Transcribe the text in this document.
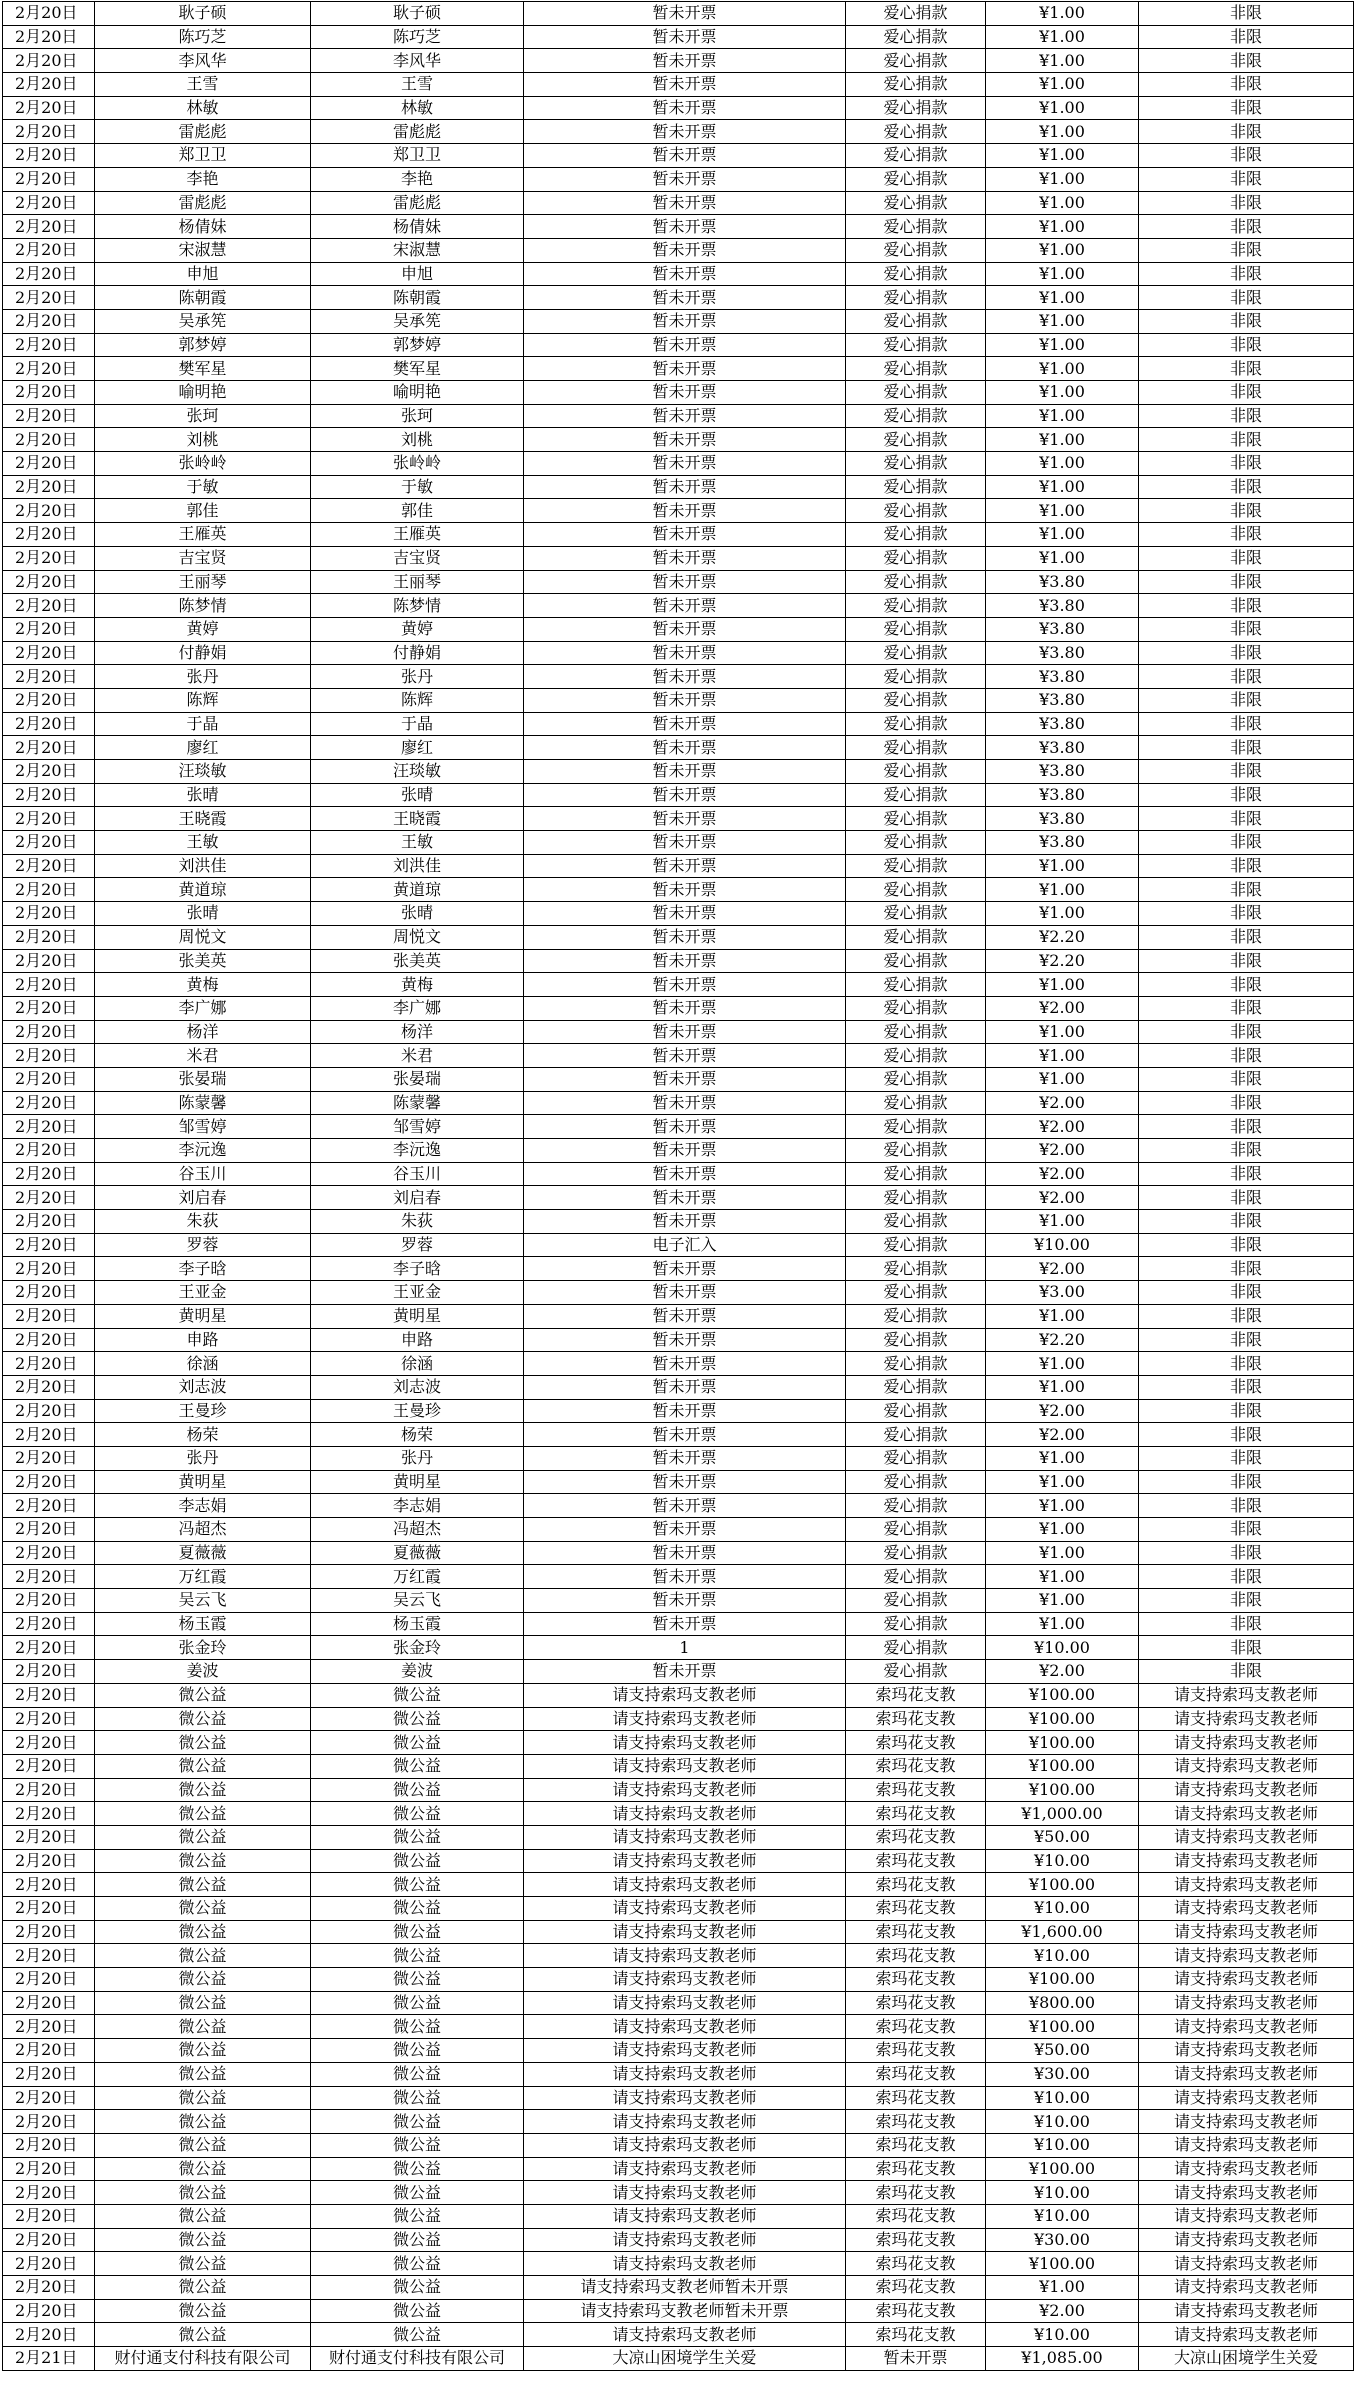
2月20日	耿子硕	耿子硕	暂未开票	爱心捐款	¥1.00	非限
2月20日	陈巧芝	陈巧芝	暂未开票	爱心捐款	¥1.00	非限
2月20日	李风华	李风华	暂未开票	爱心捐款	¥1.00	非限
2月20日	王雪	王雪	暂未开票	爱心捐款	¥1.00	非限
2月20日	林敏	林敏	暂未开票	爱心捐款	¥1.00	非限
2月20日	雷彪彪	雷彪彪	暂未开票	爱心捐款	¥1.00	非限
2月20日	郑卫卫	郑卫卫	暂未开票	爱心捐款	¥1.00	非限
2月20日	李艳	李艳	暂未开票	爱心捐款	¥1.00	非限
2月20日	雷彪彪	雷彪彪	暂未开票	爱心捐款	¥1.00	非限
2月20日	杨倩妹	杨倩妹	暂未开票	爱心捐款	¥1.00	非限
2月20日	宋淑慧	宋淑慧	暂未开票	爱心捐款	¥1.00	非限
2月20日	申旭	申旭	暂未开票	爱心捐款	¥1.00	非限
2月20日	陈朝霞	陈朝霞	暂未开票	爱心捐款	¥1.00	非限
2月20日	吴承筅	吴承筅	暂未开票	爱心捐款	¥1.00	非限
2月20日	郭梦婷	郭梦婷	暂未开票	爱心捐款	¥1.00	非限
2月20日	樊军星	樊军星	暂未开票	爱心捐款	¥1.00	非限
2月20日	喻明艳	喻明艳	暂未开票	爱心捐款	¥1.00	非限
2月20日	张珂	张珂	暂未开票	爱心捐款	¥1.00	非限
2月20日	刘桃	刘桃	暂未开票	爱心捐款	¥1.00	非限
2月20日	张岭岭	张岭岭	暂未开票	爱心捐款	¥1.00	非限
2月20日	于敏	于敏	暂未开票	爱心捐款	¥1.00	非限
2月20日	郭佳	郭佳	暂未开票	爱心捐款	¥1.00	非限
2月20日	王雁英	王雁英	暂未开票	爱心捐款	¥1.00	非限
2月20日	吉宝贤	吉宝贤	暂未开票	爱心捐款	¥1.00	非限
2月20日	王丽琴	王丽琴	暂未开票	爱心捐款	¥3.80	非限
2月20日	陈梦情	陈梦情	暂未开票	爱心捐款	¥3.80	非限
2月20日	黄婷	黄婷	暂未开票	爱心捐款	¥3.80	非限
2月20日	付静娟	付静娟	暂未开票	爱心捐款	¥3.80	非限
2月20日	张丹	张丹	暂未开票	爱心捐款	¥3.80	非限
2月20日	陈辉	陈辉	暂未开票	爱心捐款	¥3.80	非限
2月20日	于晶	于晶	暂未开票	爱心捐款	¥3.80	非限
2月20日	廖红	廖红	暂未开票	爱心捐款	¥3.80	非限
2月20日	汪琰敏	汪琰敏	暂未开票	爱心捐款	¥3.80	非限
2月20日	张晴	张晴	暂未开票	爱心捐款	¥3.80	非限
2月20日	王晓霞	王晓霞	暂未开票	爱心捐款	¥3.80	非限
2月20日	王敏	王敏	暂未开票	爱心捐款	¥3.80	非限
2月20日	刘洪佳	刘洪佳	暂未开票	爱心捐款	¥1.00	非限
2月20日	黄道琼	黄道琼	暂未开票	爱心捐款	¥1.00	非限
2月20日	张晴	张晴	暂未开票	爱心捐款	¥1.00	非限
2月20日	周悦文	周悦文	暂未开票	爱心捐款	¥2.20	非限
2月20日	张美英	张美英	暂未开票	爱心捐款	¥2.20	非限
2月20日	黄梅	黄梅	暂未开票	爱心捐款	¥1.00	非限
2月20日	李广娜	李广娜	暂未开票	爱心捐款	¥2.00	非限
2月20日	杨洋	杨洋	暂未开票	爱心捐款	¥1.00	非限
2月20日	米君	米君	暂未开票	爱心捐款	¥1.00	非限
2月20日	张晏瑞	张晏瑞	暂未开票	爱心捐款	¥1.00	非限
2月20日	陈蒙馨	陈蒙馨	暂未开票	爱心捐款	¥2.00	非限
2月20日	邹雪婷	邹雪婷	暂未开票	爱心捐款	¥2.00	非限
2月20日	李沅逸	李沅逸	暂未开票	爱心捐款	¥2.00	非限
2月20日	谷玉川	谷玉川	暂未开票	爱心捐款	¥2.00	非限
2月20日	刘启春	刘启春	暂未开票	爱心捐款	¥2.00	非限
2月20日	朱荻	朱荻	暂未开票	爱心捐款	¥1.00	非限
2月20日	罗蓉	罗蓉	电子汇入	爱心捐款	¥10.00	非限
2月20日	李子晗	李子晗	暂未开票	爱心捐款	¥2.00	非限
2月20日	王亚金	王亚金	暂未开票	爱心捐款	¥3.00	非限
2月20日	黄明星	黄明星	暂未开票	爱心捐款	¥1.00	非限
2月20日	申路	申路	暂未开票	爱心捐款	¥2.20	非限
2月20日	徐涵	徐涵	暂未开票	爱心捐款	¥1.00	非限
2月20日	刘志波	刘志波	暂未开票	爱心捐款	¥1.00	非限
2月20日	王曼珍	王曼珍	暂未开票	爱心捐款	¥2.00	非限
2月20日	杨荣	杨荣	暂未开票	爱心捐款	¥2.00	非限
2月20日	张丹	张丹	暂未开票	爱心捐款	¥1.00	非限
2月20日	黄明星	黄明星	暂未开票	爱心捐款	¥1.00	非限
2月20日	李志娟	李志娟	暂未开票	爱心捐款	¥1.00	非限
2月20日	冯超杰	冯超杰	暂未开票	爱心捐款	¥1.00	非限
2月20日	夏薇薇	夏薇薇	暂未开票	爱心捐款	¥1.00	非限
2月20日	万红霞	万红霞	暂未开票	爱心捐款	¥1.00	非限
2月20日	吴云飞	吴云飞	暂未开票	爱心捐款	¥1.00	非限
2月20日	杨玉霞	杨玉霞	暂未开票	爱心捐款	¥1.00	非限
2月20日	张金玲	张金玲	1	爱心捐款	¥10.00	非限
2月20日	姜波	姜波	暂未开票	爱心捐款	¥2.00	非限
2月20日	微公益	微公益	请支持索玛支教老师	索玛花支教	¥100.00	请支持索玛支教老师
2月20日	微公益	微公益	请支持索玛支教老师	索玛花支教	¥100.00	请支持索玛支教老师
2月20日	微公益	微公益	请支持索玛支教老师	索玛花支教	¥100.00	请支持索玛支教老师
2月20日	微公益	微公益	请支持索玛支教老师	索玛花支教	¥100.00	请支持索玛支教老师
2月20日	微公益	微公益	请支持索玛支教老师	索玛花支教	¥100.00	请支持索玛支教老师
2月20日	微公益	微公益	请支持索玛支教老师	索玛花支教	¥1,000.00	请支持索玛支教老师
2月20日	微公益	微公益	请支持索玛支教老师	索玛花支教	¥50.00	请支持索玛支教老师
2月20日	微公益	微公益	请支持索玛支教老师	索玛花支教	¥10.00	请支持索玛支教老师
2月20日	微公益	微公益	请支持索玛支教老师	索玛花支教	¥100.00	请支持索玛支教老师
2月20日	微公益	微公益	请支持索玛支教老师	索玛花支教	¥10.00	请支持索玛支教老师
2月20日	微公益	微公益	请支持索玛支教老师	索玛花支教	¥1,600.00	请支持索玛支教老师
2月20日	微公益	微公益	请支持索玛支教老师	索玛花支教	¥10.00	请支持索玛支教老师
2月20日	微公益	微公益	请支持索玛支教老师	索玛花支教	¥100.00	请支持索玛支教老师
2月20日	微公益	微公益	请支持索玛支教老师	索玛花支教	¥800.00	请支持索玛支教老师
2月20日	微公益	微公益	请支持索玛支教老师	索玛花支教	¥100.00	请支持索玛支教老师
2月20日	微公益	微公益	请支持索玛支教老师	索玛花支教	¥50.00	请支持索玛支教老师
2月20日	微公益	微公益	请支持索玛支教老师	索玛花支教	¥30.00	请支持索玛支教老师
2月20日	微公益	微公益	请支持索玛支教老师	索玛花支教	¥10.00	请支持索玛支教老师
2月20日	微公益	微公益	请支持索玛支教老师	索玛花支教	¥10.00	请支持索玛支教老师
2月20日	微公益	微公益	请支持索玛支教老师	索玛花支教	¥10.00	请支持索玛支教老师
2月20日	微公益	微公益	请支持索玛支教老师	索玛花支教	¥100.00	请支持索玛支教老师
2月20日	微公益	微公益	请支持索玛支教老师	索玛花支教	¥10.00	请支持索玛支教老师
2月20日	微公益	微公益	请支持索玛支教老师	索玛花支教	¥10.00	请支持索玛支教老师
2月20日	微公益	微公益	请支持索玛支教老师	索玛花支教	¥30.00	请支持索玛支教老师
2月20日	微公益	微公益	请支持索玛支教老师	索玛花支教	¥100.00	请支持索玛支教老师
2月20日	微公益	微公益	请支持索玛支教老师暂未开票	索玛花支教	¥1.00	请支持索玛支教老师
2月20日	微公益	微公益	请支持索玛支教老师暂未开票	索玛花支教	¥2.00	请支持索玛支教老师
2月20日	微公益	微公益	请支持索玛支教老师	索玛花支教	¥10.00	请支持索玛支教老师
2月21日	财付通支付科技有限公司	财付通支付科技有限公司	大凉山困境学生关爱	暂未开票	¥1,085.00	大凉山困境学生关爱
